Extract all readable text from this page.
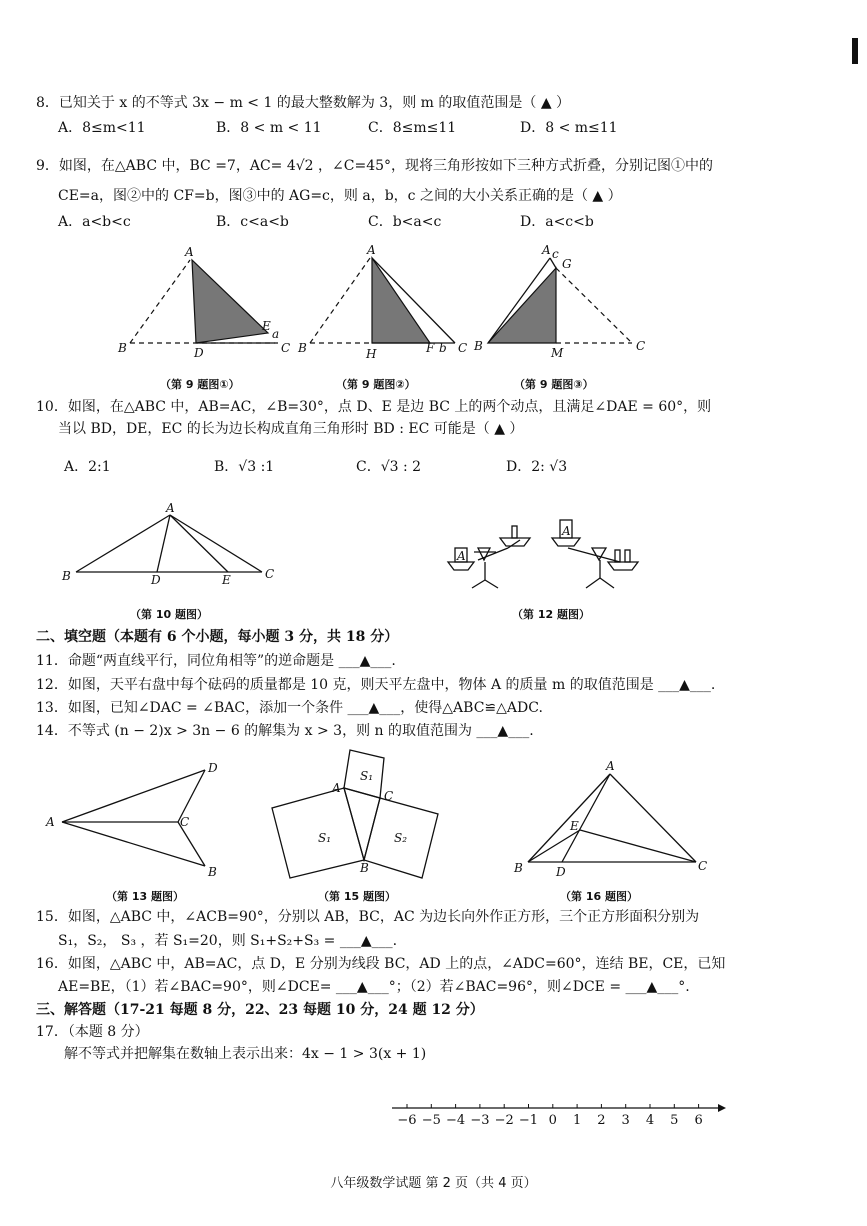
8．已知关于 x 的不等式 3x − m < 1 的最大整数解为 3，则 m 的取值范围是（ ▲ ）
A．8≤m<11	B．8 < m < 11	C．8≤m≤11	D．8 < m≤11
9．如图，在△ABC 中，BC =7，AC= 4√2 ，∠C=45°，现将三角形按如下三种方式折叠，分别记图①中的
CE=a，图②中的 CF=b，图③中的 AG=c，则 a，b，c 之间的大小关系正确的是（ ▲ ）
A．a<b<c	B．c<a<b	C．b<a<c	D．a<c<b
A
B	D
E
a
C
A
B	H	F b C
A c
G
B	M	C
A
B	D	E	C
A
A
A
D
C
B
S₁
A
C
S₁	S₂
B
A
E
B	D	C
−6 −5 −4 −3 −2 −1 0 1 2 3 4 5 6
（第 9 题图①）	（第 9 题图②）	（第 9 题图③）
10．如图，在△ABC 中，AB=AC，∠B=30°，点 D、E 是边 BC 上的两个动点，且满足∠DAE = 60°，则
当以 BD，DE，EC 的长为边长构成直角三角形时 BD : EC 可能是（ ▲ ）
A．2:1	B．√3 :1	C．√3 : 2	D．2: √3
（第 10 题图）	（第 12 题图）
二、填空题（本题有 6 个小题，每小题 3 分，共 18 分）
11．命题“两直线平行，同位角相等”的逆命题是 ___▲___.
12．如图，天平右盘中每个砝码的质量都是 10 克，则天平左盘中，物体 A 的质量 m 的取值范围是 ___▲___.
13．如图，已知∠DAC = ∠BAC，添加一个条件 ___▲___，使得△ABC≌△ADC.
14．不等式 (n − 2)x > 3n − 6 的解集为 x > 3，则 n 的取值范围为 ___▲___.
（第 13 题图）	（第 15 题图）	（第 16 题图）
15．如图，△ABC 中，∠ACB=90°，分别以 AB，BC，AC 为边长向外作正方形，三个正方形面积分别为
S₁，S₂， S₃ ，若 S₁=20，则 S₁+S₂+S₃ = ___▲___.
16．如图，△ABC 中，AB=AC，点 D，E 分别为线段 BC，AD 上的点，∠ADC=60°，连结 BE，CE，已知
AE=BE，（1）若∠BAC=90°，则∠DCE= ___▲___°；（2）若∠BAC=96°，则∠DCE = ___▲___°.
三、解答题（17-21 每题 8 分，22、23 每题 10 分，24 题 12 分）
17．（本题 8 分）
解不等式并把解集在数轴上表示出来：4x − 1 > 3(x + 1)
八年级数学试题 第 2 页（共 4 页）
